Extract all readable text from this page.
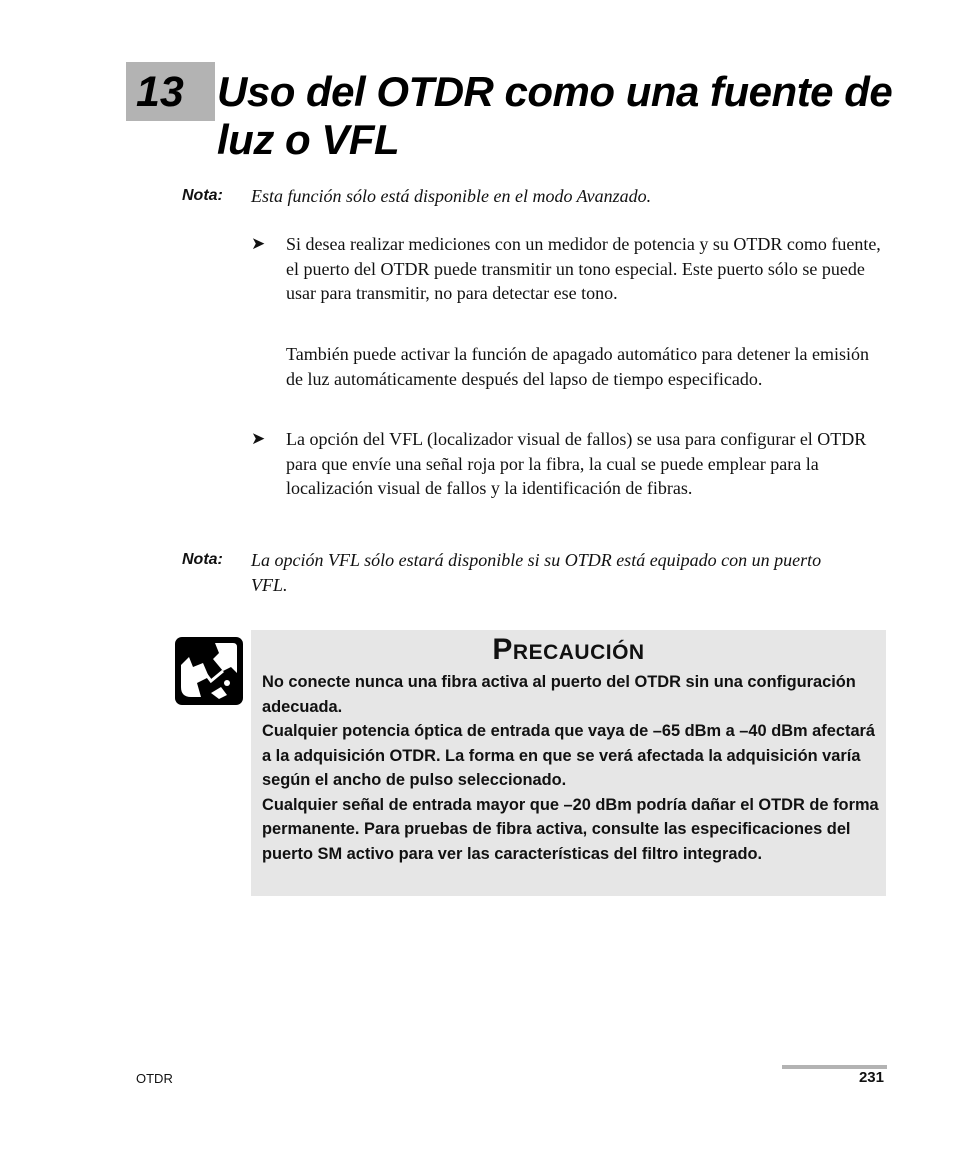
13 Uso del OTDR como una fuente de luz o VFL
Nota: Esta función sólo está disponible en el modo Avanzado.
➤ Si desea realizar mediciones con un medidor de potencia y su OTDR como fuente, el puerto del OTDR puede transmitir un tono especial. Este puerto sólo se puede usar para transmitir, no para detectar ese tono.
También puede activar la función de apagado automático para detener la emisión de luz automáticamente después del lapso de tiempo especificado.
➤ La opción del VFL (localizador visual de fallos) se usa para configurar el OTDR para que envíe una señal roja por la fibra, la cual se puede emplear para la localización visual de fallos y la identificación de fibras.
Nota: La opción VFL sólo estará disponible si su OTDR está equipado con un puerto VFL.
Precaución

No conecte nunca una fibra activa al puerto del OTDR sin una configuración adecuada.

Cualquier potencia óptica de entrada que vaya de –65 dBm a –40 dBm afectará a la adquisición OTDR. La forma en que se verá afectada la adquisición varía según el ancho de pulso seleccionado.

Cualquier señal de entrada mayor que –20 dBm podría dañar el OTDR de forma permanente. Para pruebas de fibra activa, consulte las especificaciones del puerto SM activo para ver las características del filtro integrado.

OTDR	231
